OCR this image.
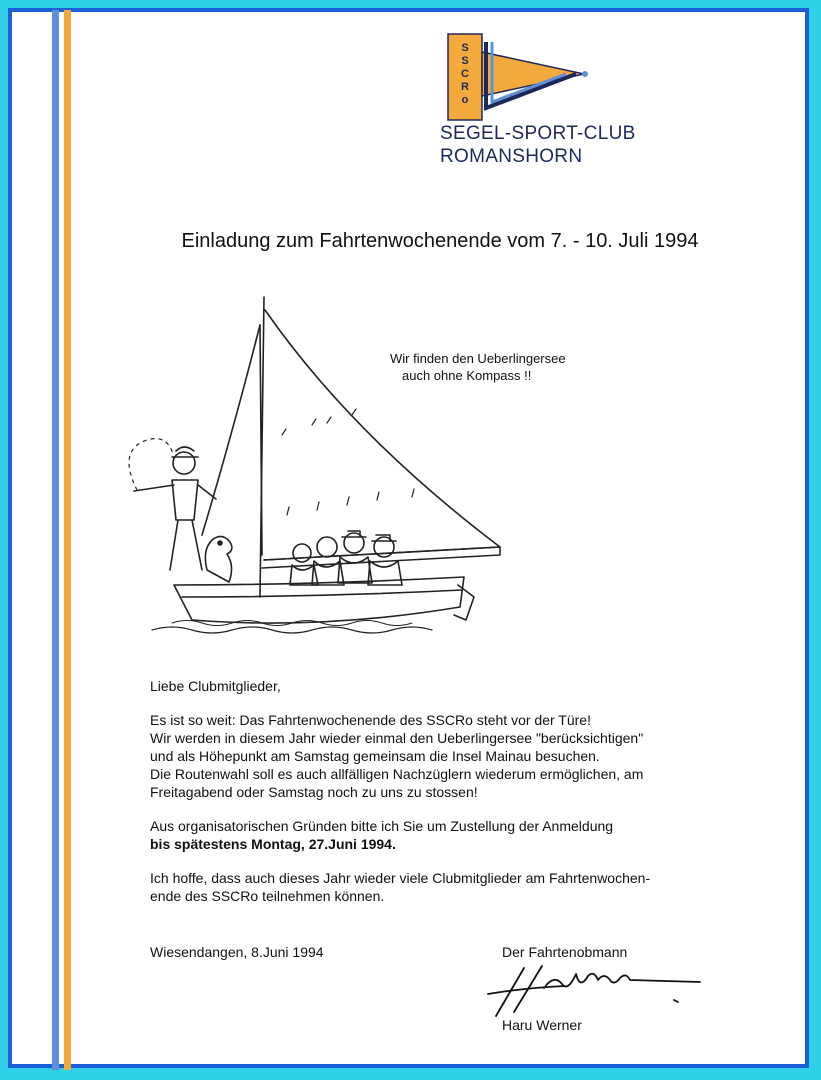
S S C R o
SEGEL-SPORT-CLUB
ROMANSHORN
Einladung zum Fahrtenwochenende vom 7. - 10. Juli 1994
Wir finden den Ueberlingersee
auch ohne Kompass !!

Liebe Clubmitglieder,

Es ist so weit: Das Fahrtenwochenende des SSCRo steht vor der Türe!
Wir werden in diesem Jahr wieder einmal den Ueberlingersee "berücksichtigen"
und als Höhepunkt am Samstag gemeinsam die Insel Mainau besuchen.
Die Routenwahl soll es auch allfälligen Nachzüglern wiederum ermöglichen, am
Freitagabend oder Samstag noch zu uns zu stossen!

Aus organisatorischen Gründen bitte ich Sie um Zustellung der Anmeldung
bis spätestens Montag, 27.Juni 1994.

Ich hoffe, dass auch dieses Jahr wieder viele Clubmitglieder am Fahrtenwochen-
ende des SSCRo teilnehmen können.

Wiesendangen, 8.Juni 1994	Der Fahrtenobmann
Haru Werner
